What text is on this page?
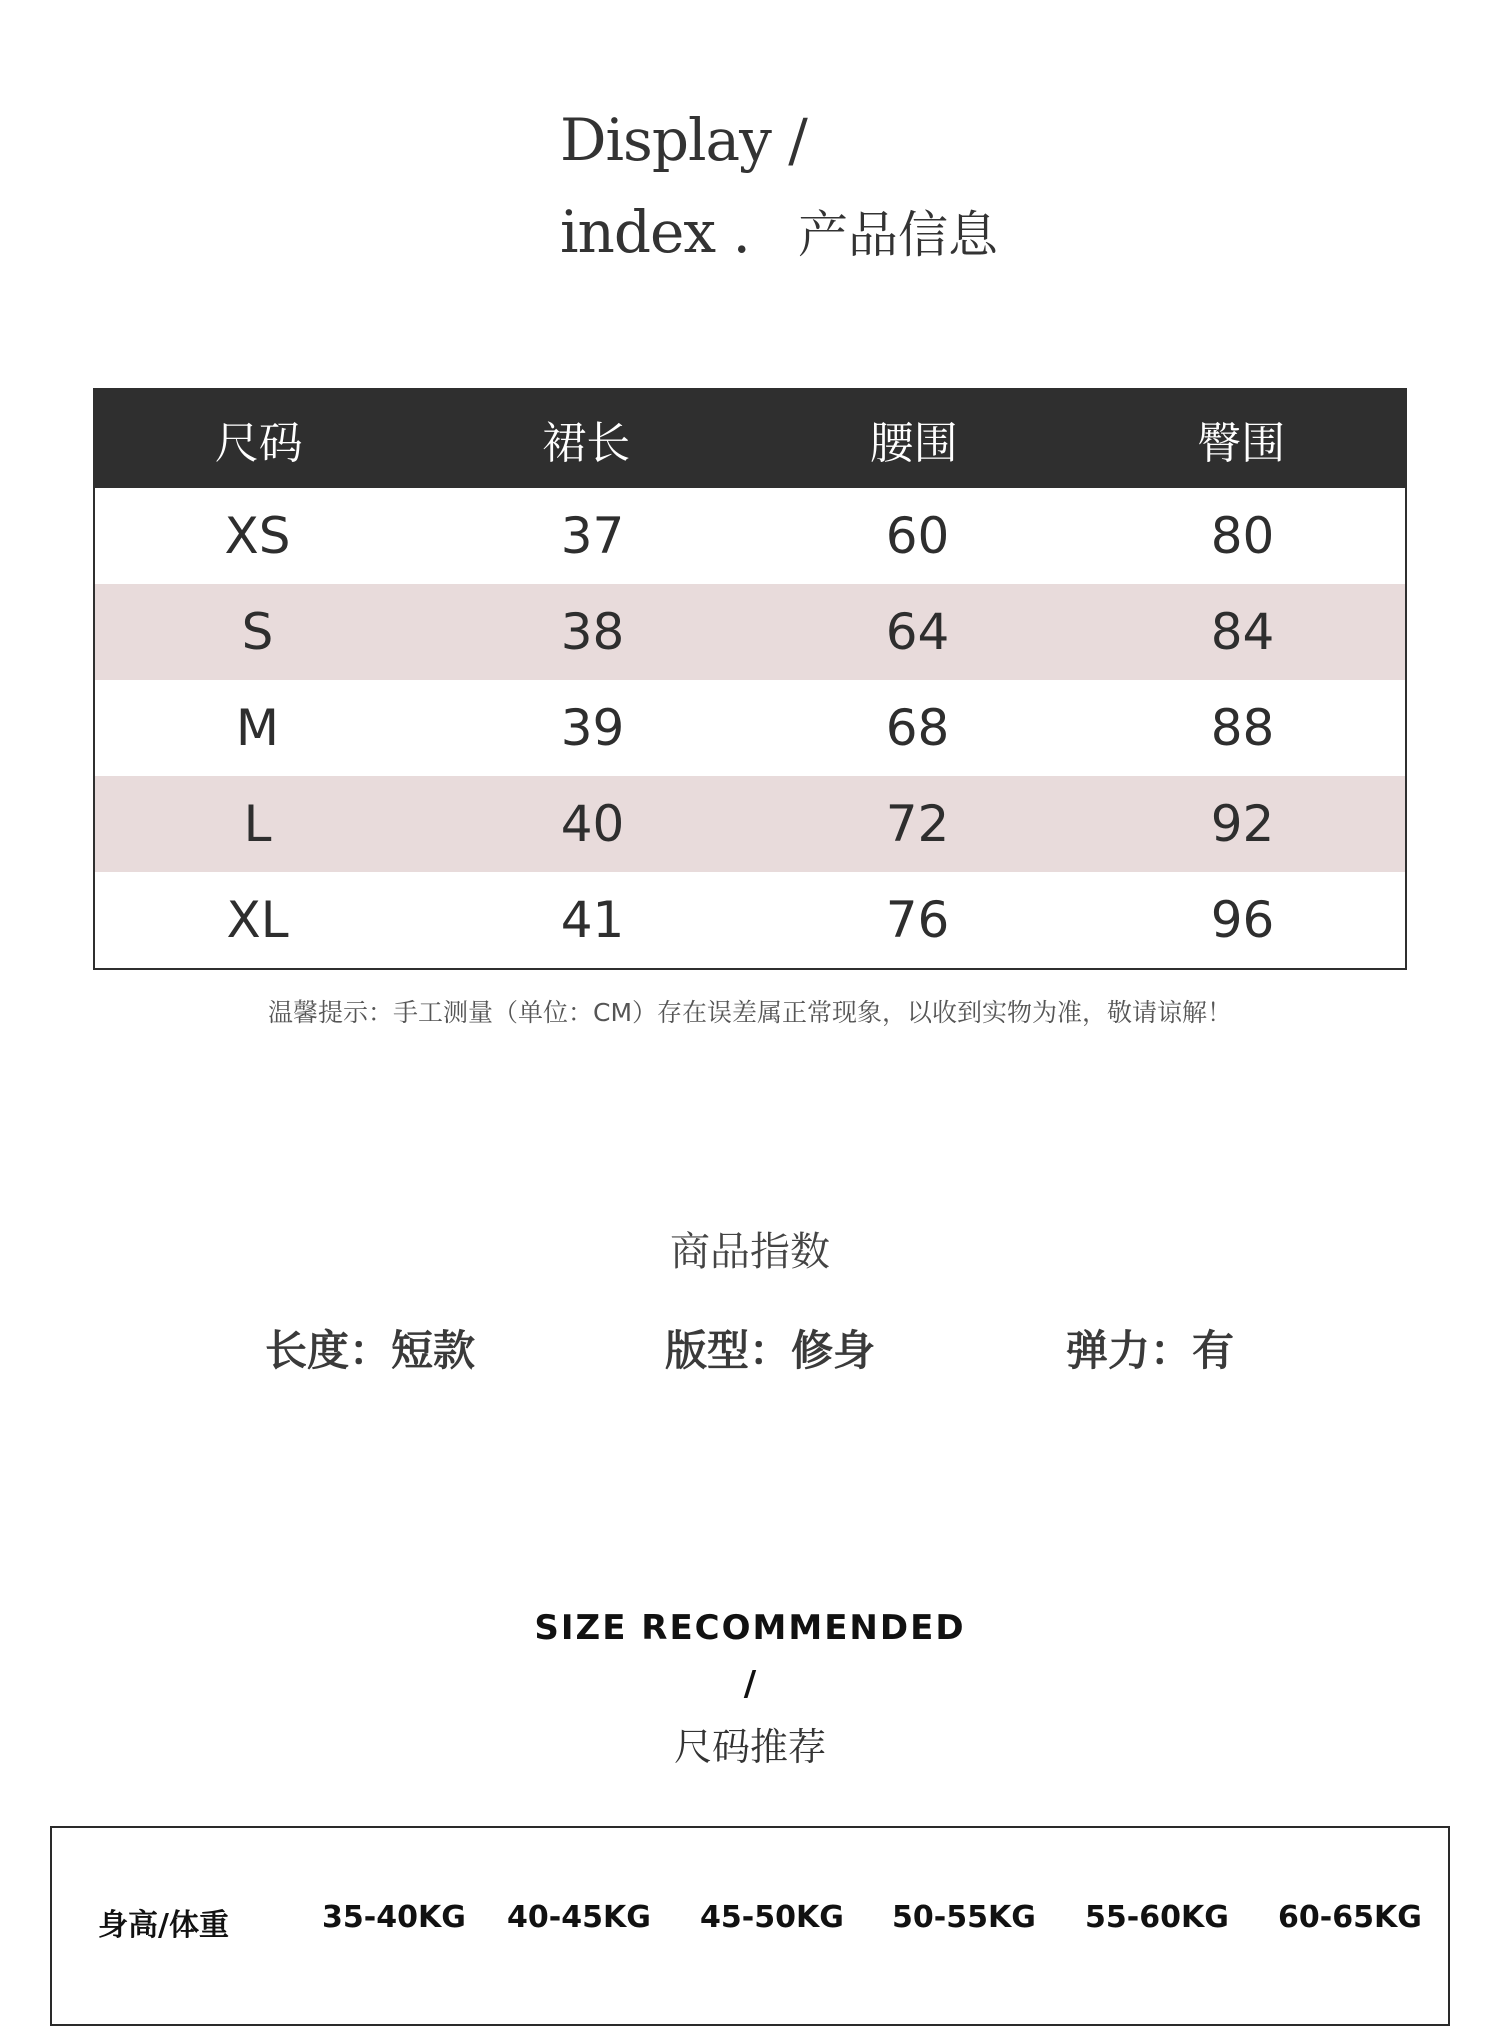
Display /
index . 产品信息
尺码	裙长	腰围	臀围
XS	37	60	80
S	38	64	84
M	39	68	88
L	40	72	92
XL	41	76	96
温馨提示：手工测量（单位：CM）存在误差属正常现象，以收到实物为准，敬请谅解！
商品指数
长度：短款	版型：修身	弹力：有
SIZE RECOMMENDED
/
尺码推荐
身高/体重	35-40KG 40-45KG 45-50KG 50-55KG 55-60KG 60-65KG
